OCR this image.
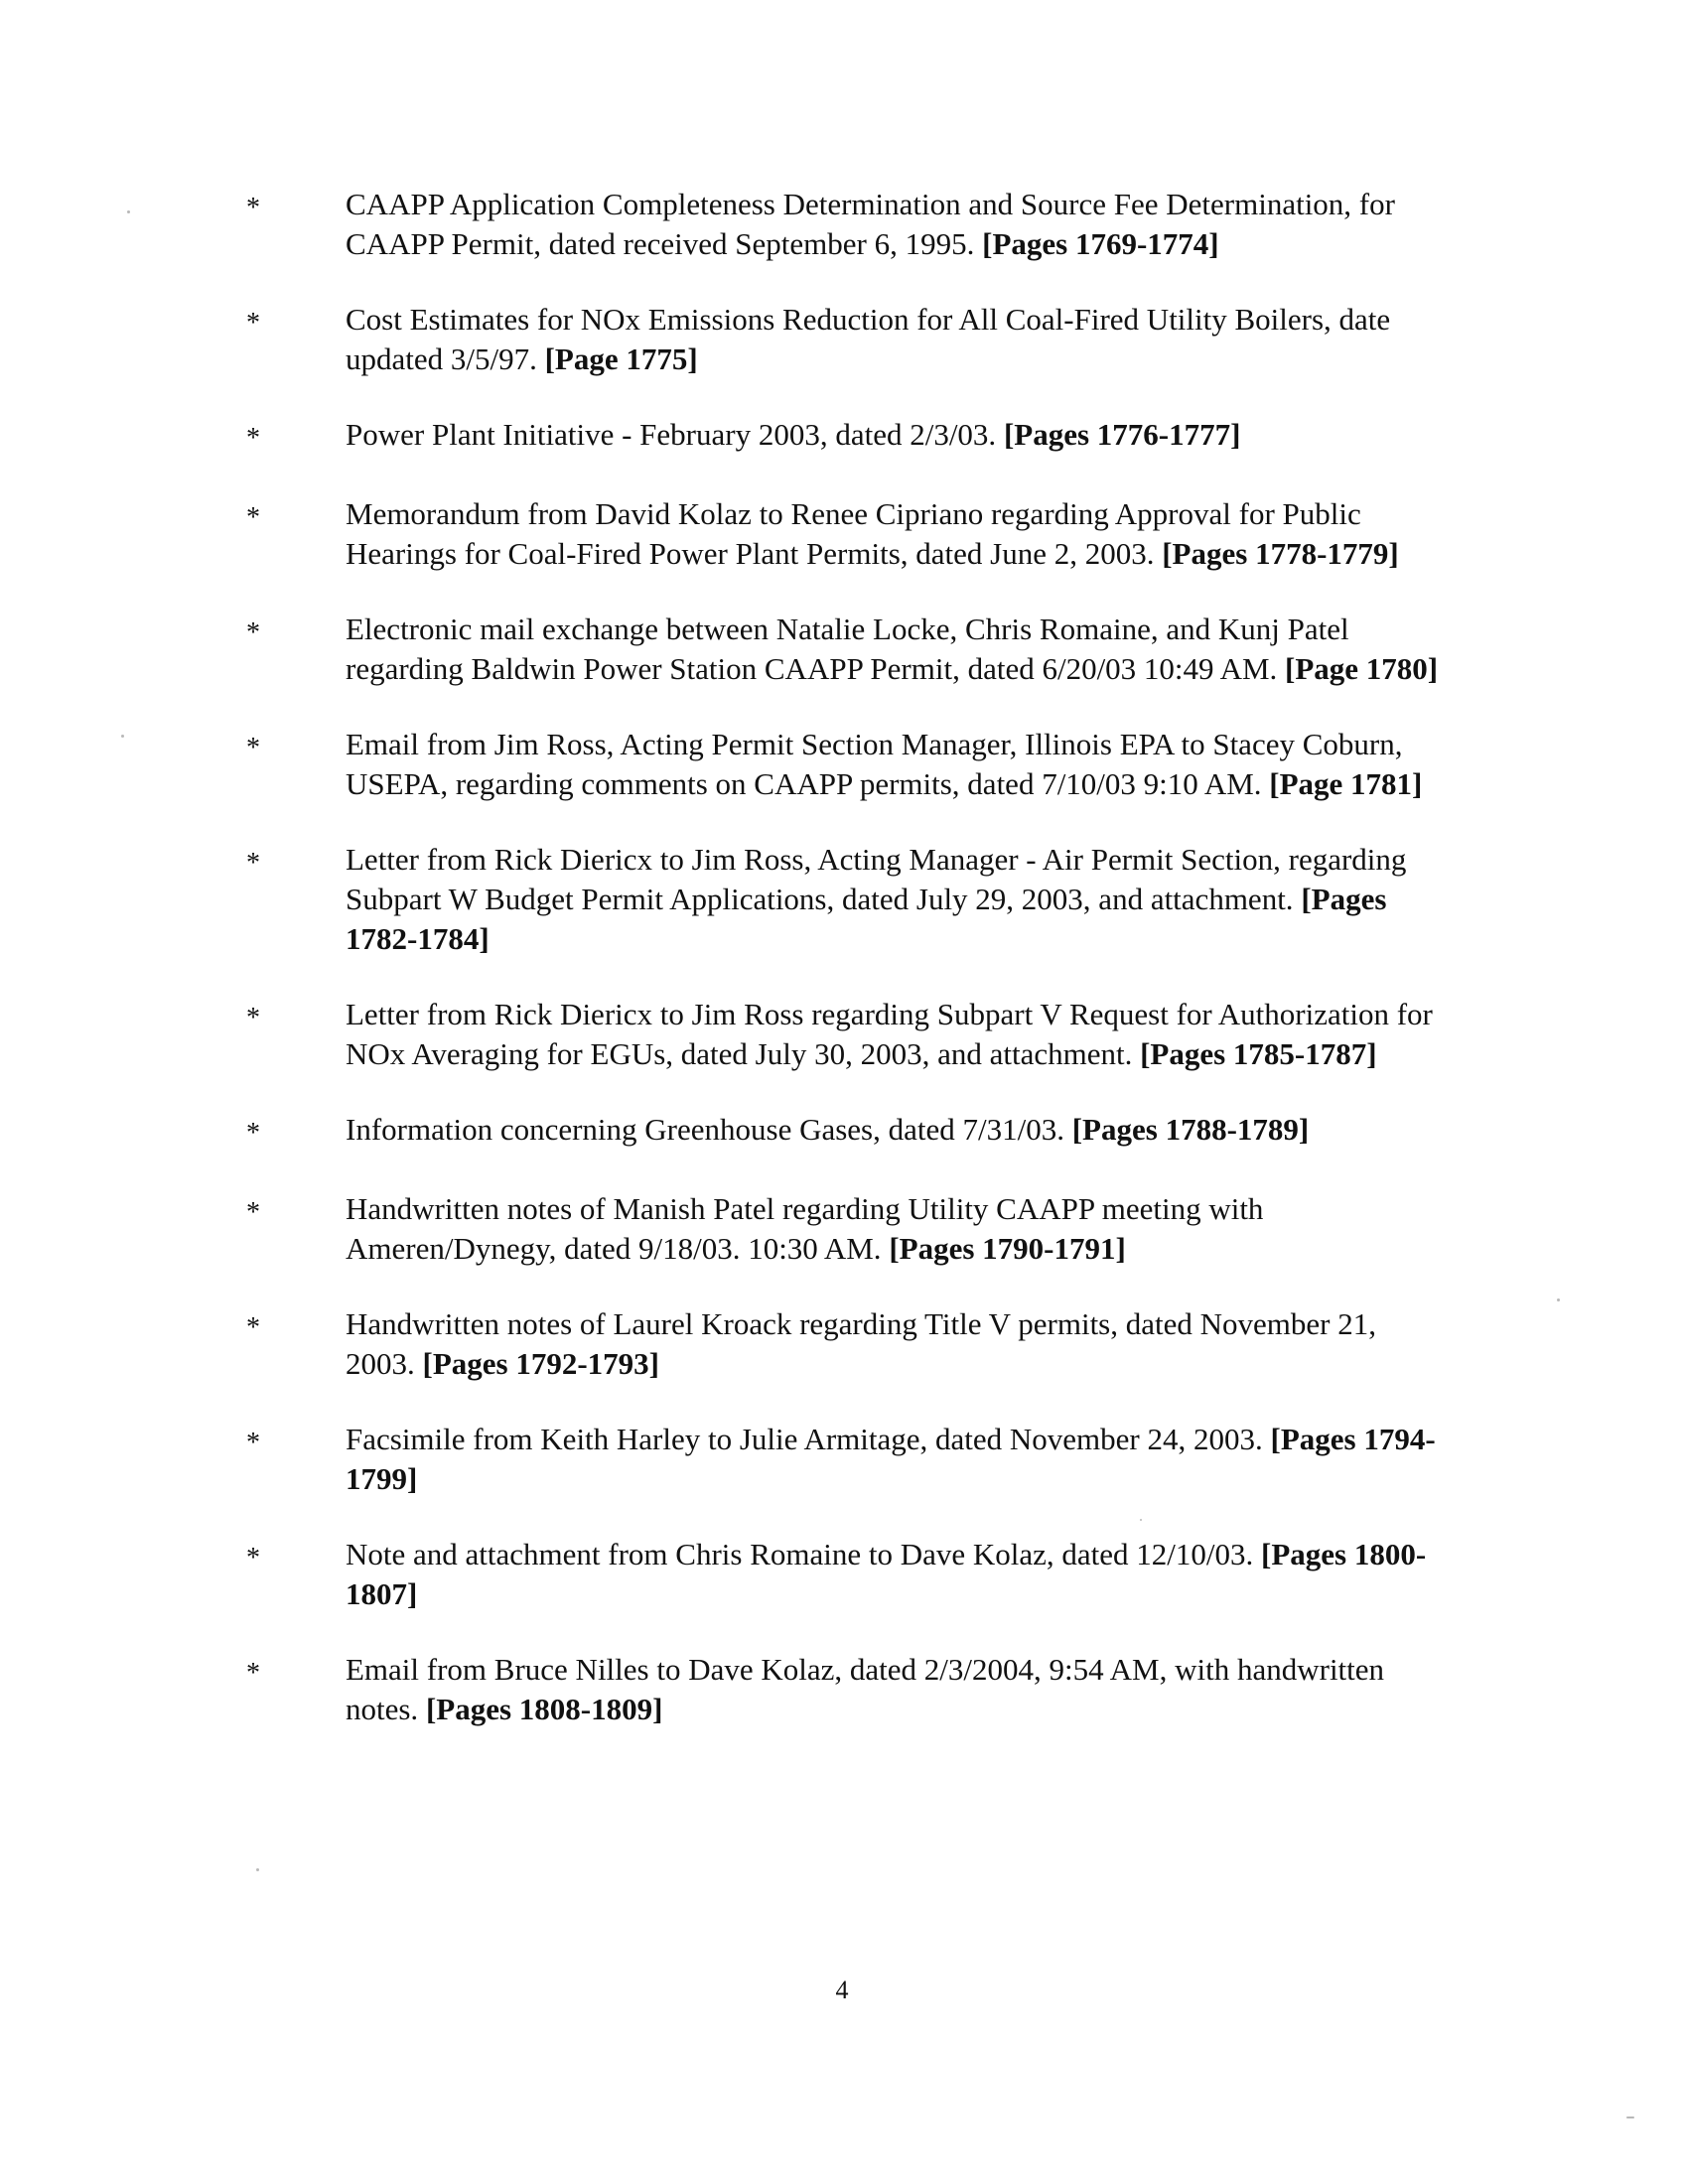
*	CAAPP Application Completeness Determination and Source Fee Determination, for CAAPP Permit, dated received September 6, 1995. [Pages 1769-1774]
*	Cost Estimates for NOx Emissions Reduction for All Coal-Fired Utility Boilers, date updated 3/5/97. [Page 1775]
*	Power Plant Initiative - February 2003, dated 2/3/03. [Pages 1776-1777]
*	Memorandum from David Kolaz to Renee Cipriano regarding Approval for Public Hearings for Coal-Fired Power Plant Permits, dated June 2, 2003. [Pages 1778-1779]
*	Electronic mail exchange between Natalie Locke, Chris Romaine, and Kunj Patel regarding Baldwin Power Station CAAPP Permit, dated 6/20/03 10:49 AM. [Page 1780]
*	Email from Jim Ross, Acting Permit Section Manager, Illinois EPA to Stacey Coburn, USEPA, regarding comments on CAAPP permits, dated 7/10/03 9:10 AM. [Page 1781]
*	Letter from Rick Diericx to Jim Ross, Acting Manager - Air Permit Section, regarding Subpart W Budget Permit Applications, dated July 29, 2003, and attachment. [Pages 1782-1784]
*	Letter from Rick Diericx to Jim Ross regarding Subpart V Request for Authorization for NOx Averaging for EGUs, dated July 30, 2003, and attachment. [Pages 1785-1787]
*	Information concerning Greenhouse Gases, dated 7/31/03. [Pages 1788-1789]
*	Handwritten notes of Manish Patel regarding Utility CAAPP meeting with Ameren/Dynegy, dated 9/18/03. 10:30 AM. [Pages 1790-1791]
*	Handwritten notes of Laurel Kroack regarding Title V permits, dated November 21, 2003. [Pages 1792-1793]
*	Facsimile from Keith Harley to Julie Armitage, dated November 24, 2003. [Pages 1794-1799]
*	Note and attachment from Chris Romaine to Dave Kolaz, dated 12/10/03. [Pages 1800-1807]
*	Email from Bruce Nilles to Dave Kolaz, dated 2/3/2004, 9:54 AM, with handwritten notes. [Pages 1808-1809]
4
